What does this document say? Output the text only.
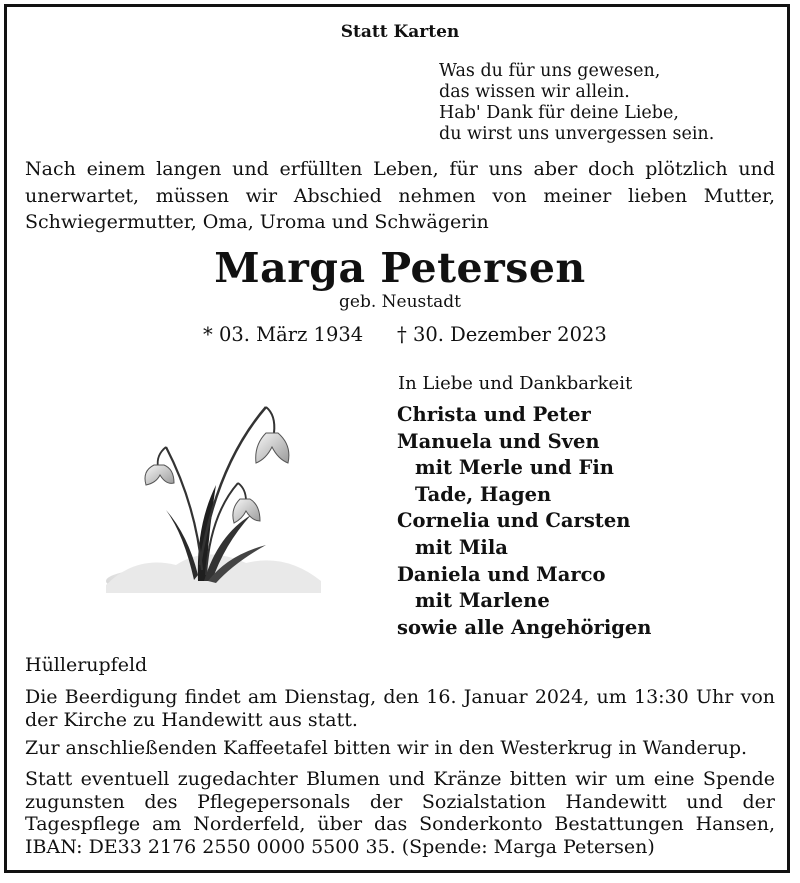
Statt Karten
Was du für uns gewesen,
das wissen wir allein.
Hab' Dank für deine Liebe,
du wirst uns unvergessen sein.
Nach einem langen und erfüllten Leben, für uns aber doch plötzlich und unerwartet, müssen wir Abschied nehmen von meiner lieben Mutter, Schwiegermutter, Oma, Uroma und Schwägerin
Marga Petersen
geb. Neustadt
* 03. März 1934 † 30. Dezember 2023
In Liebe und Dankbarkeit
Christa und Peter
Manuela und Sven
mit Merle und Fin
Tade, Hagen
Cornelia und Carsten
mit Mila
Daniela und Marco
mit Marlene
sowie alle Angehörigen
Hüllerupfeld
Die Beerdigung findet am Dienstag, den 16. Januar 2024, um 13:30 Uhr von der Kirche zu Handewitt aus statt.
Zur anschließenden Kaffeetafel bitten wir in den Westerkrug in Wanderup.
Statt eventuell zugedachter Blumen und Kränze bitten wir um eine Spende zugunsten des Pflegepersonals der Sozialstation Handewitt und der Tagespflege am Norderfeld, über das Sonderkonto Bestattungen Hansen, IBAN: DE33 2176 2550 0000 5500 35. (Spende: Marga Petersen)
